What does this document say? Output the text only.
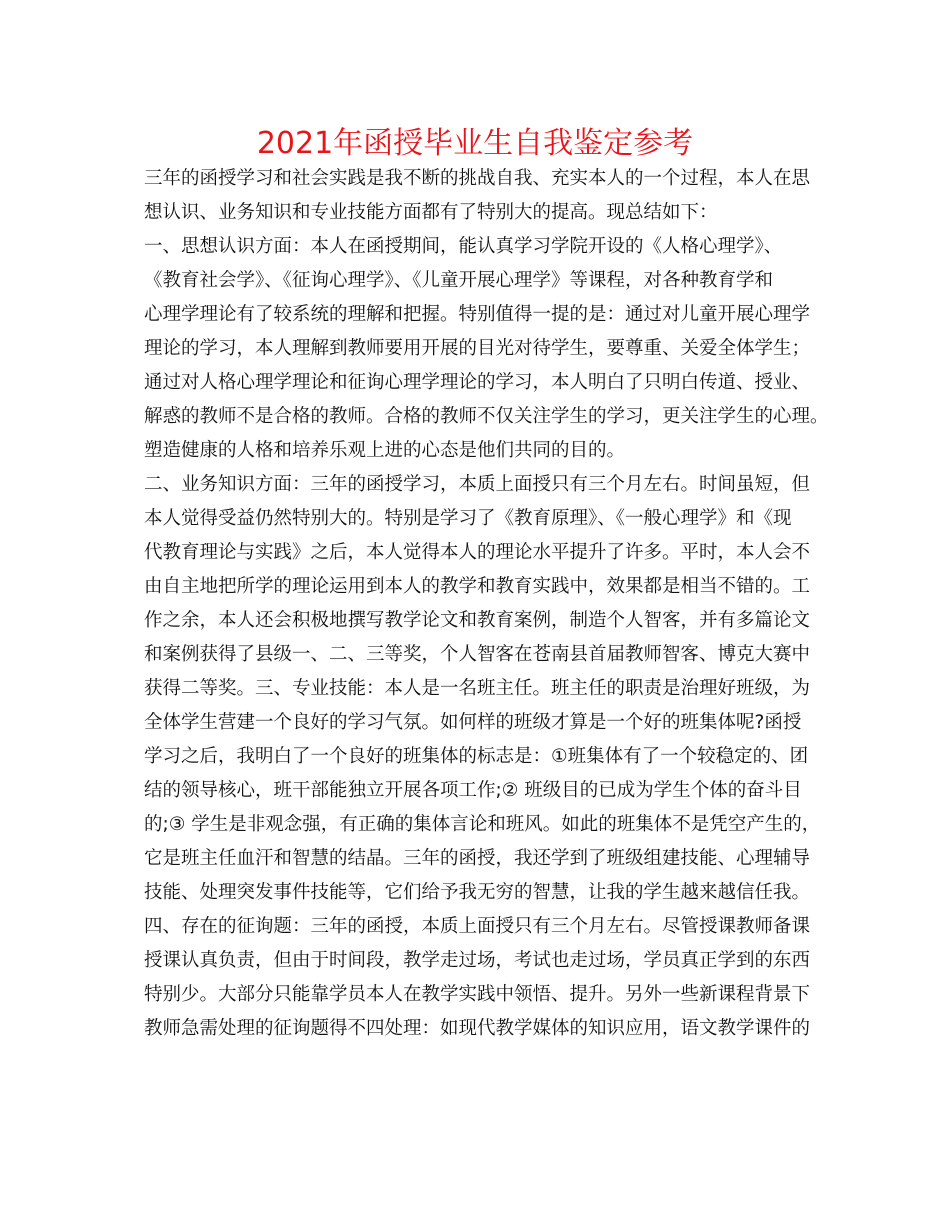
2021年函授毕业生自我鉴定参考
三年的函授学习和社会实践是我不断的挑战自我、充实本人的一个过程，本人在思
想认识、业务知识和专业技能方面都有了特别大的提高。现总结如下：
一、思想认识方面：本人在函授期间，能认真学习学院开设的《人格心理学》、
《教育社会学》、《征询心理学》、《儿童开展心理学》等课程，对各种教育学和
心理学理论有了较系统的理解和把握。特别值得一提的是：通过对儿童开展心理学
理论的学习，本人理解到教师要用开展的目光对待学生，要尊重、关爱全体学生；
通过对人格心理学理论和征询心理学理论的学习，本人明白了只明白传道、授业、
解惑的教师不是合格的教师。合格的教师不仅关注学生的学习，更关注学生的心理。
塑造健康的人格和培养乐观上进的心态是他们共同的目的。
二、业务知识方面：三年的函授学习，本质上面授只有三个月左右。时间虽短，但
本人觉得受益仍然特别大的。特别是学习了《教育原理》、《一般心理学》和《现
代教育理论与实践》之后，本人觉得本人的理论水平提升了许多。平时，本人会不
由自主地把所学的理论运用到本人的教学和教育实践中，效果都是相当不错的。工
作之余，本人还会积极地撰写教学论文和教育案例，制造个人智客，并有多篇论文
和案例获得了县级一、二、三等奖，个人智客在苍南县首届教师智客、博克大赛中
获得二等奖。三、专业技能：本人是一名班主任。班主任的职责是治理好班级，为
全体学生营建一个良好的学习气氛。如何样的班级才算是一个好的班集体呢?函授
学习之后，我明白了一个良好的班集体的标志是：①班集体有了一个较稳定的、团
结的领导核心，班干部能独立开展各项工作;② 班级目的已成为学生个体的奋斗目
的;③ 学生是非观念强，有正确的集体言论和班风。如此的班集体不是凭空产生的，
它是班主任血汗和智慧的结晶。三年的函授，我还学到了班级组建技能、心理辅导
技能、处理突发事件技能等，它们给予我无穷的智慧，让我的学生越来越信任我。
四、存在的征询题：三年的函授，本质上面授只有三个月左右。尽管授课教师备课
授课认真负责，但由于时间段，教学走过场，考试也走过场，学员真正学到的东西
特别少。大部分只能靠学员本人在教学实践中领悟、提升。另外一些新课程背景下
教师急需处理的征询题得不四处理：如现代教学媒体的知识应用，语文教学课件的
